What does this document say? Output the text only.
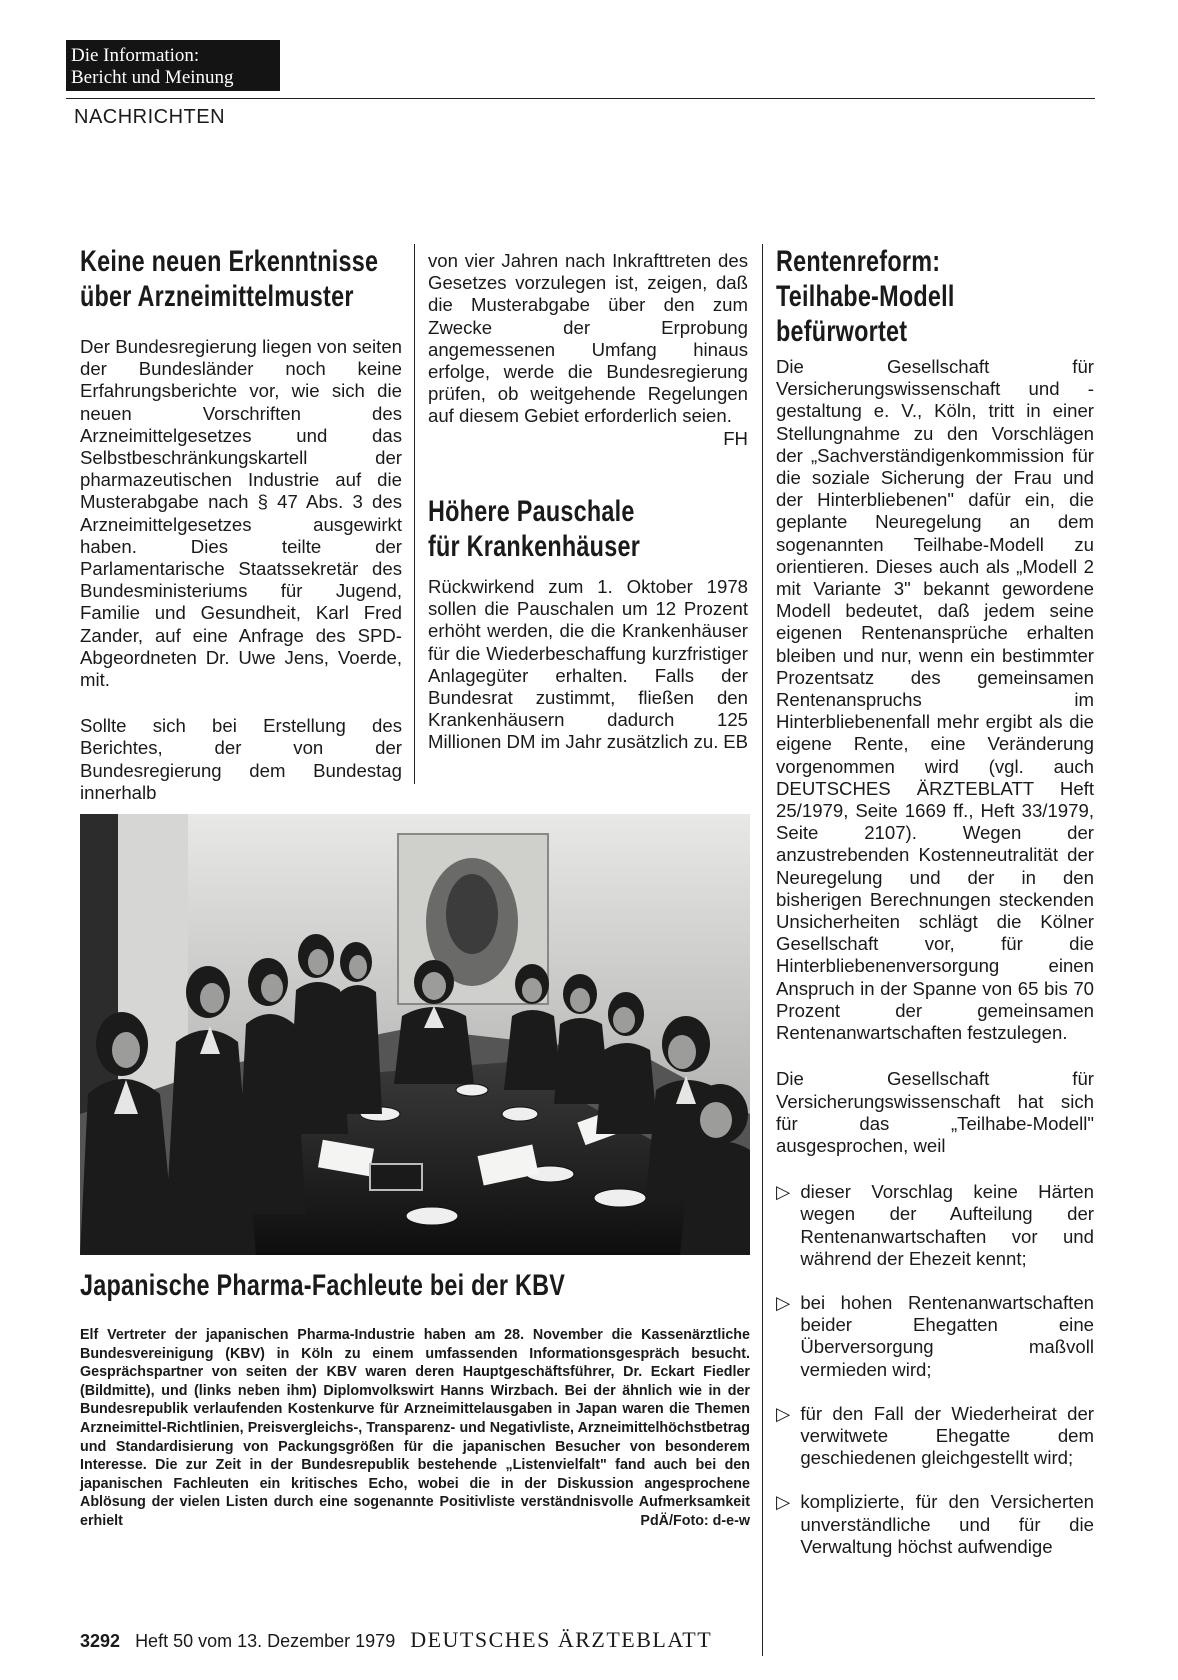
Die Information:
Bericht und Meinung
NACHRICHTEN
Keine neuen Erkenntnisse
über Arzneimittelmuster
Höhere Pauschale
für Krankenhäuser
Rentenreform:
Teilhabe-Modell
befürwortet

Der Bundesregierung liegen von seiten der Bundesländer noch keine Erfahrungsberichte vor, wie sich die neuen Vorschriften des Arzneimittelgesetzes und das Selbstbeschränkungskartell der pharmazeutischen Industrie auf die Musterabgabe nach § 47 Abs. 3 des Arzneimittelgesetzes ausgewirkt haben. Dies teilte der Parlamentarische Staatssekretär des Bundesministeriums für Jugend, Familie und Gesundheit, Karl Fred Zander, auf eine Anfrage des SPD-Abgeordneten Dr. Uwe Jens, Voerde, mit.

Sollte sich bei Erstellung des Berichtes, der von der Bundesregierung dem Bundestag innerhalb

von vier Jahren nach Inkrafttreten des Gesetzes vorzulegen ist, zeigen, daß die Musterabgabe über den zum Zwecke der Erprobung angemessenen Umfang hinaus erfolge, werde die Bundesregierung prüfen, ob weitgehende Regelungen auf diesem Gebiet erforderlich seien.
FH

Rückwirkend zum 1. Oktober 1978 sollen die Pauschalen um 12 Prozent erhöht werden, die die Krankenhäuser für die Wiederbeschaffung kurzfristiger Anlagegüter erhalten. Falls der Bundesrat zustimmt, fließen den Krankenhäusern dadurch 125 Millionen DM im Jahr zusätzlich zu. EB

Die Gesellschaft für Versicherungswissenschaft und -gestaltung e. V., Köln, tritt in einer Stellungnahme zu den Vorschlägen der „Sachverständigenkommission für die soziale Sicherung der Frau und der Hinterbliebenen" dafür ein, die geplante Neuregelung an dem sogenannten Teilhabe-Modell zu orientieren. Dieses auch als „Modell 2 mit Variante 3" bekannt gewordene Modell bedeutet, daß jedem seine eigenen Rentenansprüche erhalten bleiben und nur, wenn ein bestimmter Prozentsatz des gemeinsamen Rentenanspruchs im Hinterbliebenenfall mehr ergibt als die eigene Rente, eine Veränderung vorgenommen wird (vgl. auch DEUTSCHES ÄRZTEBLATT Heft 25/1979, Seite 1669 ff., Heft 33/1979, Seite 2107). Wegen der anzustrebenden Kostenneutralität der Neuregelung und der in den bisherigen Berechnungen steckenden Unsicherheiten schlägt die Kölner Gesellschaft vor, für die Hinterbliebenenversorgung einen Anspruch in der Spanne von 65 bis 70 Prozent der gemeinsamen Rentenanwartschaften festzulegen.

Die Gesellschaft für Versicherungswissenschaft hat sich für das „Teilhabe-Modell" ausgesprochen, weil

▷ dieser Vorschlag keine Härten wegen der Aufteilung der Rentenanwartschaften vor und während der Ehezeit kennt;
▷ bei hohen Rentenanwartschaften beider Ehegatten eine Überversorgung maßvoll vermieden wird;
▷ für den Fall der Wiederheirat der verwitwete Ehegatte dem geschiedenen gleichgestellt wird;
▷ komplizierte, für den Versicherten unverständliche und für die Verwaltung höchst aufwendige
Japanische Pharma-Fachleute bei der KBV
Elf Vertreter der japanischen Pharma-Industrie haben am 28. November die Kassenärztliche Bundesvereinigung (KBV) in Köln zu einem umfassenden Informationsgespräch besucht. Gesprächspartner von seiten der KBV waren deren Hauptgeschäftsführer, Dr. Eckart Fiedler (Bildmitte), und (links neben ihm) Diplomvolkswirt Hanns Wirzbach. Bei der ähnlich wie in der Bundesrepublik verlaufenden Kostenkurve für Arzneimittelausgaben in Japan waren die Themen Arzneimittel-Richtlinien, Preisvergleichs-, Transparenz- und Negativliste, Arzneimittelhöchstbetrag und Standardisierung von Packungsgrößen für die japanischen Besucher von besonderem Interesse. Die zur Zeit in der Bundesrepublik bestehende „Listenvielfalt" fand auch bei den japanischen Fachleuten ein kritisches Echo, wobei die in der Diskussion angesprochene Ablösung der vielen Listen durch eine sogenannte Positivliste verständnisvolle Aufmerksamkeit erhielt	PdÄ/Foto: d-e-w
3292 Heft 50 vom 13. Dezember 1979 DEUTSCHES ÄRZTEBLATT
